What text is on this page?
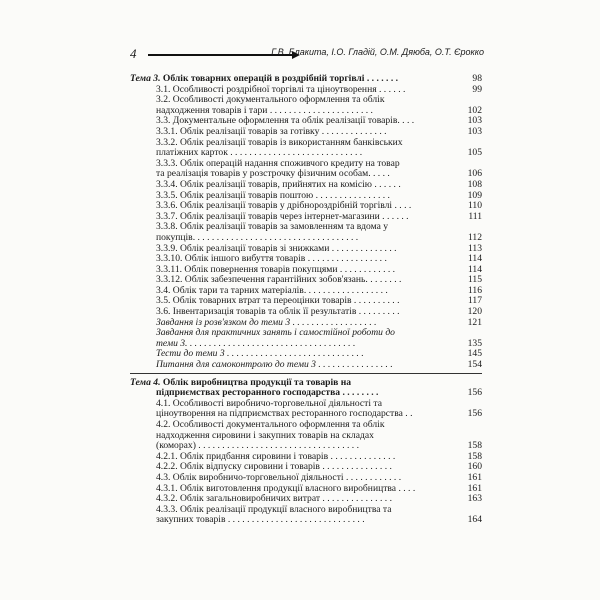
4	Г.В. Блакита, І.О. Гладій, О.М. Дяюба, О.Т. Єрокко
Тема 3. Облік товарних операцій в роздрібній торгівлі . . . . . . .	98
3.1. Особливості роздрібної торгівлі та ціноутворення . . . . . .	99
3.2. Особливості документального оформлення та облік
надходження товарів і тари . . . . . . . . . . . . . . . . . . . . . .	102
3.3. Документальне оформлення та облік реалізації товарів. . . .	103
3.3.1. Облік реалізації товарів за готівку . . . . . . . . . . . . . .	103
3.3.2. Облік реалізації товарів із використанням банківських
платіжних карток . . . . . . . . . . . . . . . . . . . . . . . . . . . .	105
3.3.3. Облік операцій надання споживчого кредиту на товар
та реалізація товарів у розстрочку фізичним особам. . . . .	106
3.3.4. Облік реалізації товарів, прийнятих на комісію . . . . . .	108
3.3.5. Облік реалізації товарів поштою . . . . . . . . . . . . . . . .	109
3.3.6. Облік реалізації товарів у дрібнороздрібній торгівлі . . . .	110
3.3.7. Облік реалізації товарів через інтернет-магазини . . . . . .	111
3.3.8. Облік реалізації товарів за замовленням та вдома у
покупців. . . . . . . . . . . . . . . . . . . . . . . . . . . . . . . . . . .	112
3.3.9. Облік реалізації товарів зі знижками . . . . . . . . . . . . . .	113
3.3.10. Облік іншого вибуття товарів . . . . . . . . . . . . . . . . .	114
3.3.11. Облік повернення товарів покупцями . . . . . . . . . . . .	114
3.3.12. Облік забезпечення гарантійних зобов'язань. . . . . . . .	115
3.4. Облік тари та тарних матеріалів. . . . . . . . . . . . . . . . . .	116
3.5. Облік товарних втрат та переоцінки товарів . . . . . . . . . .	117
3.6. Інвентаризація товарів та облік її результатів . . . . . . . . .	120
Завдання із розв'язком до теми 3 . . . . . . . . . . . . . . . . . .	121
Завдання для практичних занять і самостійної роботи до
теми 3. . . . . . . . . . . . . . . . . . . . . . . . . . . . . . . . . . . .	135
Тести до теми 3 . . . . . . . . . . . . . . . . . . . . . . . . . . . . .	145
Питання для самоконтролю до теми 3 . . . . . . . . . . . . . . . .	154
Тема 4. Облік виробництва продукції та товарів на
підприємствах ресторанного господарства . . . . . . . .	156
4.1. Особливості виробничо-торговельної діяльності та
ціноутворення на підприємствах ресторанного господарства . .	156
4.2. Особливості документального оформлення та облік
надходження сировини і закупних товарів на складах
(коморах) . . . . . . . . . . . . . . . . . . . . . . . . . . . . . . . . . .	158
4.2.1. Облік придбання сировини і товарів . . . . . . . . . . . . . .	158
4.2.2. Облік відпуску сировини і товарів . . . . . . . . . . . . . . .	160
4.3. Облік виробничо-торговельної діяльності . . . . . . . . . . . .	161
4.3.1. Облік виготовлення продукції власного виробництва . . . .	161
4.3.2. Облік загальновиробничих витрат . . . . . . . . . . . . . . .	163
4.3.3. Облік реалізації продукції власного виробництва та
закупних товарів . . . . . . . . . . . . . . . . . . . . . . . . . . . . .	164
